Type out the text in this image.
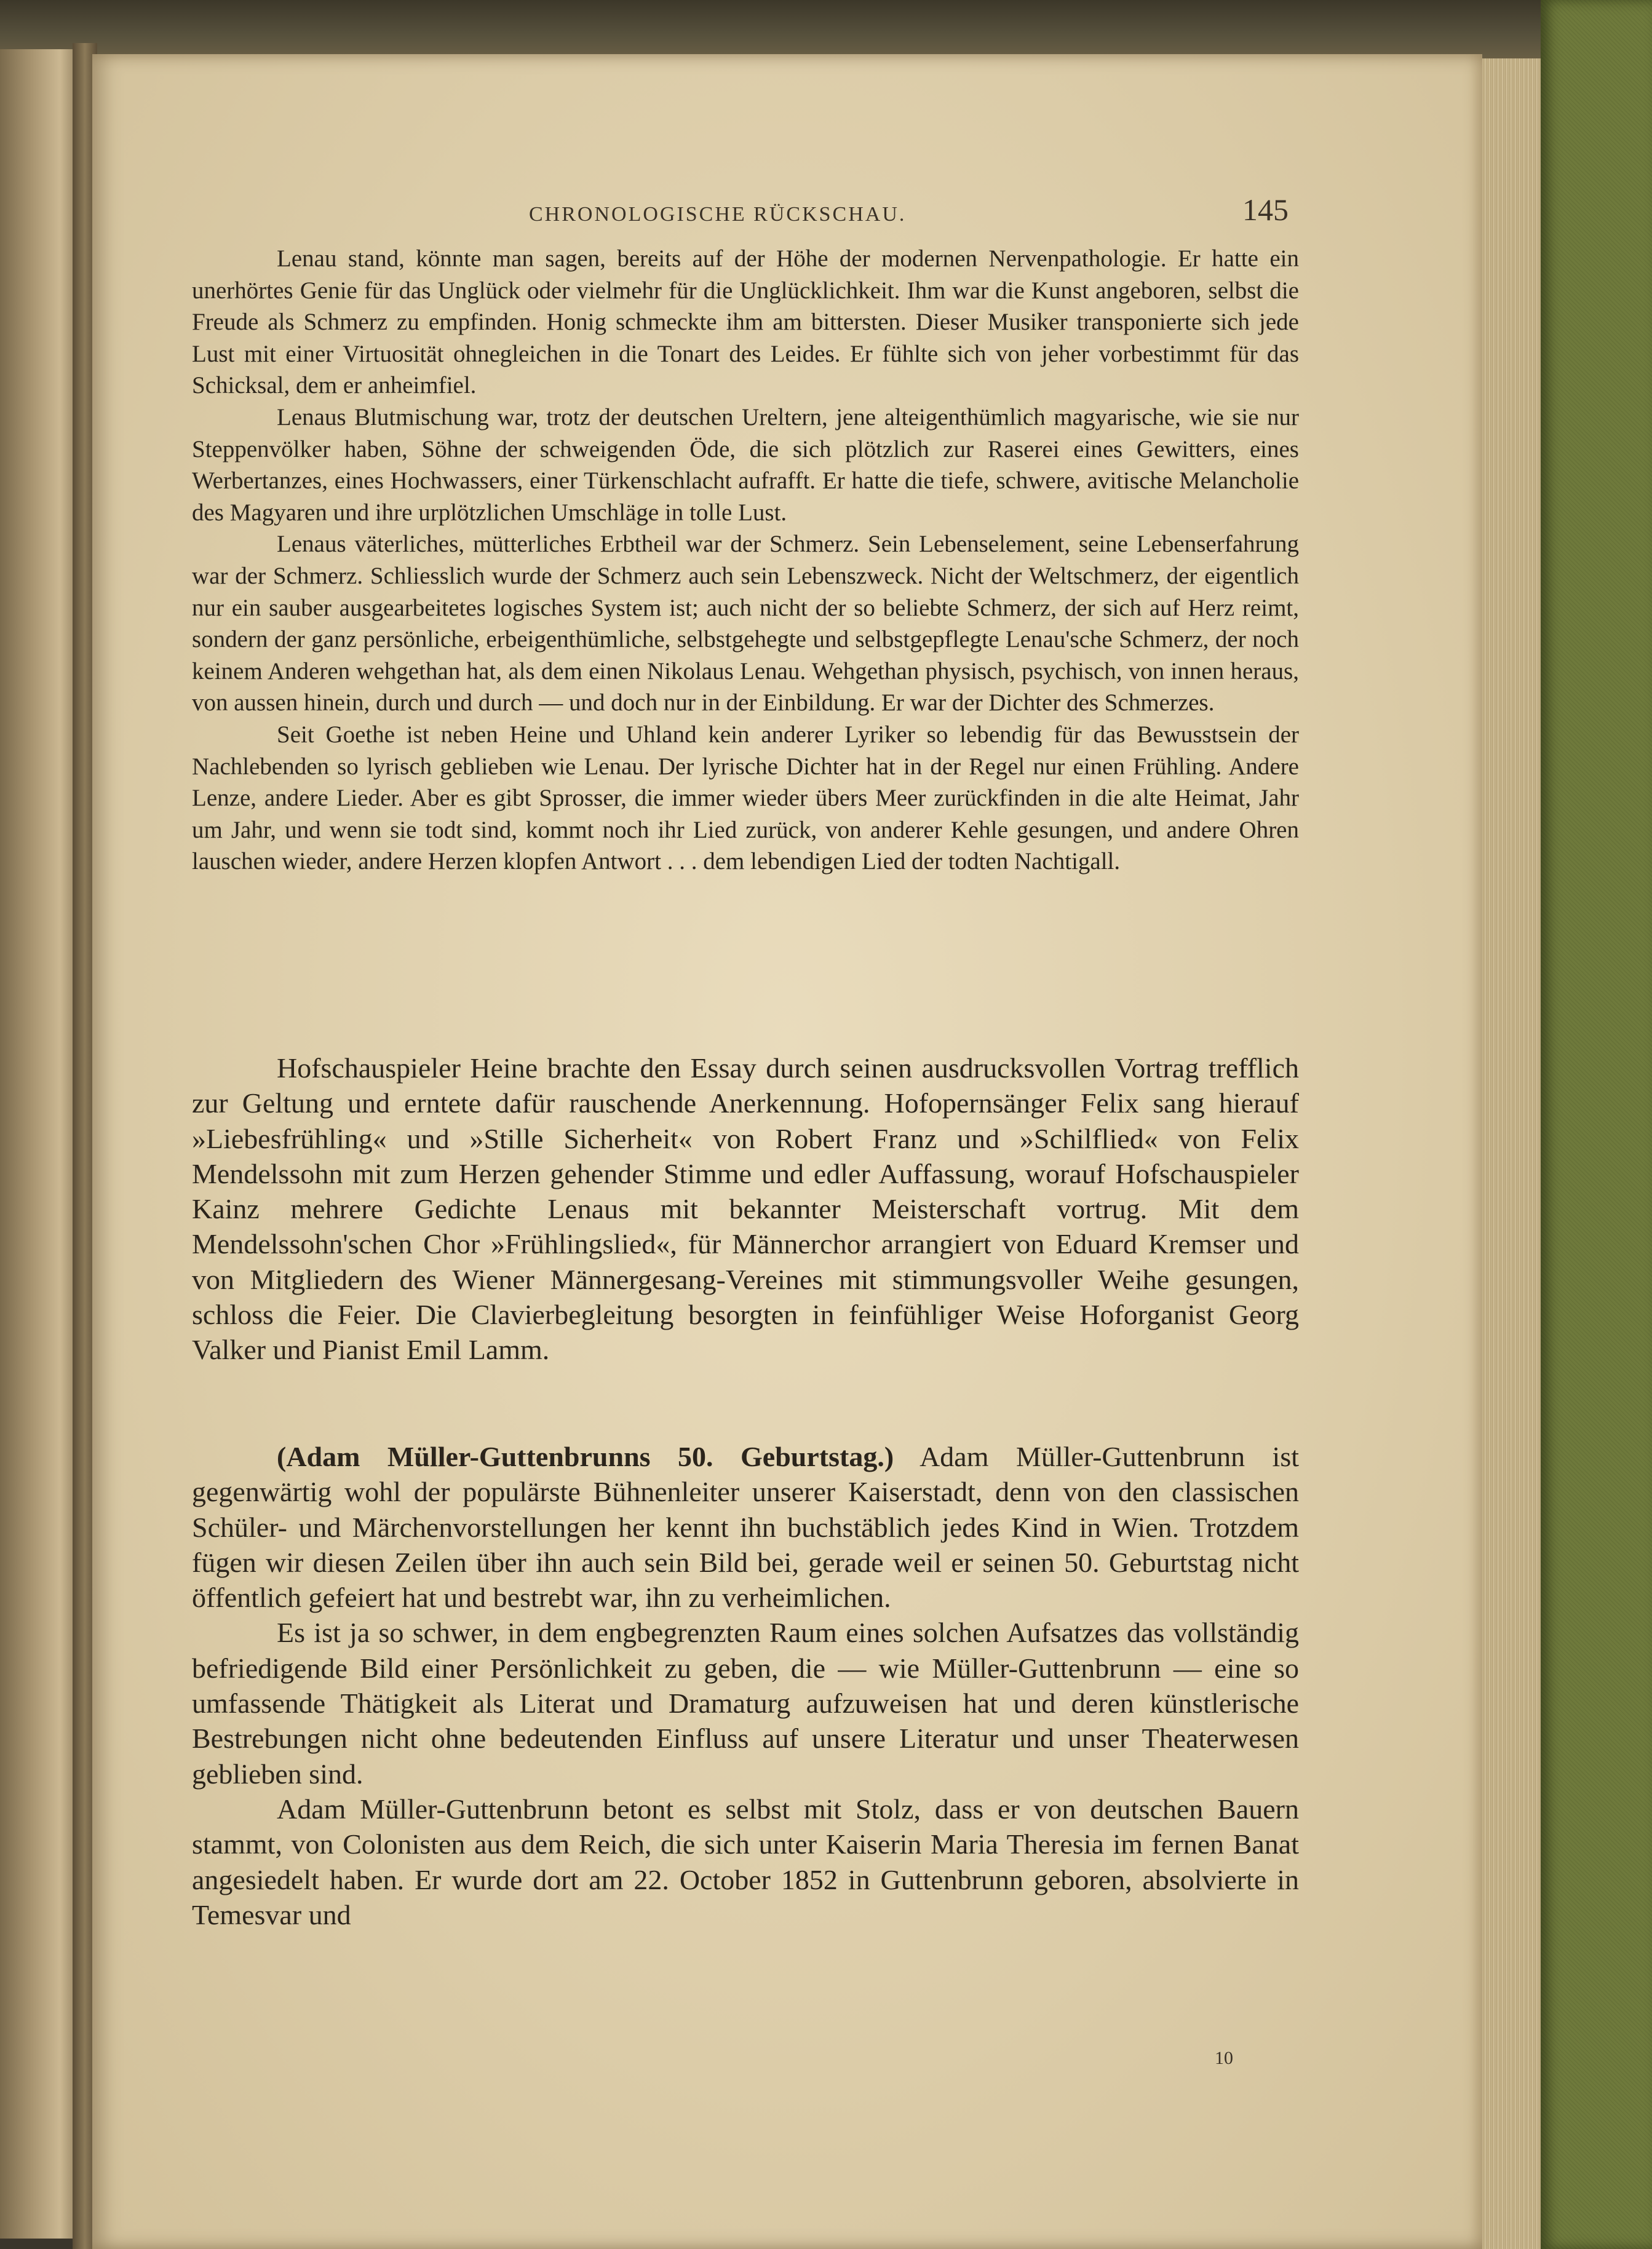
CHRONOLOGISCHE RÜCKSCHAU.	145

Lenau stand, könnte man sagen, bereits auf der Höhe der modernen Nervenpathologie. Er hatte ein unerhörtes Genie für das Unglück oder vielmehr für die Unglücklichkeit. Ihm war die Kunst angeboren, selbst die Freude als Schmerz zu empfinden. Honig schmeckte ihm am bittersten. Dieser Musiker transponierte sich jede Lust mit einer Virtuosität ohnegleichen in die Tonart des Leides. Er fühlte sich von jeher vorbestimmt für das Schicksal, dem er anheimfiel.

Lenaus Blutmischung war, trotz der deutschen Ureltern, jene alteigenthümlich magyarische, wie sie nur Steppenvölker haben, Söhne der schweigenden Öde, die sich plötzlich zur Raserei eines Gewitters, eines Werbertanzes, eines Hochwassers, einer Türkenschlacht aufrafft. Er hatte die tiefe, schwere, avitische Melancholie des Magyaren und ihre urplötzlichen Umschläge in tolle Lust.

Lenaus väterliches, mütterliches Erbtheil war der Schmerz. Sein Lebenselement, seine Lebenserfahrung war der Schmerz. Schliesslich wurde der Schmerz auch sein Lebenszweck. Nicht der Weltschmerz, der eigentlich nur ein sauber ausgearbeitetes logisches System ist; auch nicht der so beliebte Schmerz, der sich auf Herz reimt, sondern der ganz persönliche, erbeigenthümliche, selbstgehegte und selbstgepflegte Lenau'sche Schmerz, der noch keinem Anderen wehgethan hat, als dem einen Nikolaus Lenau. Wehgethan physisch, psychisch, von innen heraus, von aussen hinein, durch und durch — und doch nur in der Einbildung. Er war der Dichter des Schmerzes.

Seit Goethe ist neben Heine und Uhland kein anderer Lyriker so lebendig für das Bewusstsein der Nachlebenden so lyrisch geblieben wie Lenau. Der lyrische Dichter hat in der Regel nur einen Frühling. Andere Lenze, andere Lieder. Aber es gibt Sprosser, die immer wieder übers Meer zurückfinden in die alte Heimat, Jahr um Jahr, und wenn sie todt sind, kommt noch ihr Lied zurück, von anderer Kehle gesungen, und andere Ohren lauschen wieder, andere Herzen klopfen Antwort . . . dem lebendigen Lied der todten Nachtigall.

Hofschauspieler Heine brachte den Essay durch seinen ausdrucksvollen Vortrag trefflich zur Geltung und erntete dafür rauschende Anerkennung. Hofopernsänger Felix sang hierauf »Liebesfrühling« und »Stille Sicherheit« von Robert Franz und »Schilflied« von Felix Mendelssohn mit zum Herzen gehender Stimme und edler Auffassung, worauf Hofschauspieler Kainz mehrere Gedichte Lenaus mit bekannter Meisterschaft vortrug. Mit dem Mendelssohn'schen Chor »Frühlingslied«, für Männerchor arrangiert von Eduard Kremser und von Mitgliedern des Wiener Männergesang-Vereines mit stimmungsvoller Weihe gesungen, schloss die Feier. Die Clavierbegleitung besorgten in feinfühliger Weise Hoforganist Georg Valker und Pianist Emil Lamm.

(Adam Müller-Guttenbrunns 50. Geburtstag.) Adam Müller-Guttenbrunn ist gegenwärtig wohl der populärste Bühnenleiter unserer Kaiserstadt, denn von den classischen Schüler- und Märchenvorstellungen her kennt ihn buchstäblich jedes Kind in Wien. Trotzdem fügen wir diesen Zeilen über ihn auch sein Bild bei, gerade weil er seinen 50. Geburtstag nicht öffentlich gefeiert hat und bestrebt war, ihn zu verheimlichen.

Es ist ja so schwer, in dem engbegrenzten Raum eines solchen Aufsatzes das vollständig befriedigende Bild einer Persönlichkeit zu geben, die — wie Müller-Guttenbrunn — eine so umfassende Thätigkeit als Literat und Dramaturg aufzuweisen hat und deren künstlerische Bestrebungen nicht ohne bedeutenden Einfluss auf unsere Literatur und unser Theaterwesen geblieben sind.

Adam Müller-Guttenbrunn betont es selbst mit Stolz, dass er von deutschen Bauern stammt, von Colonisten aus dem Reich, die sich unter Kaiserin Maria Theresia im fernen Banat angesiedelt haben. Er wurde dort am 22. October 1852 in Guttenbrunn geboren, absolvierte in Temesvar und

10
